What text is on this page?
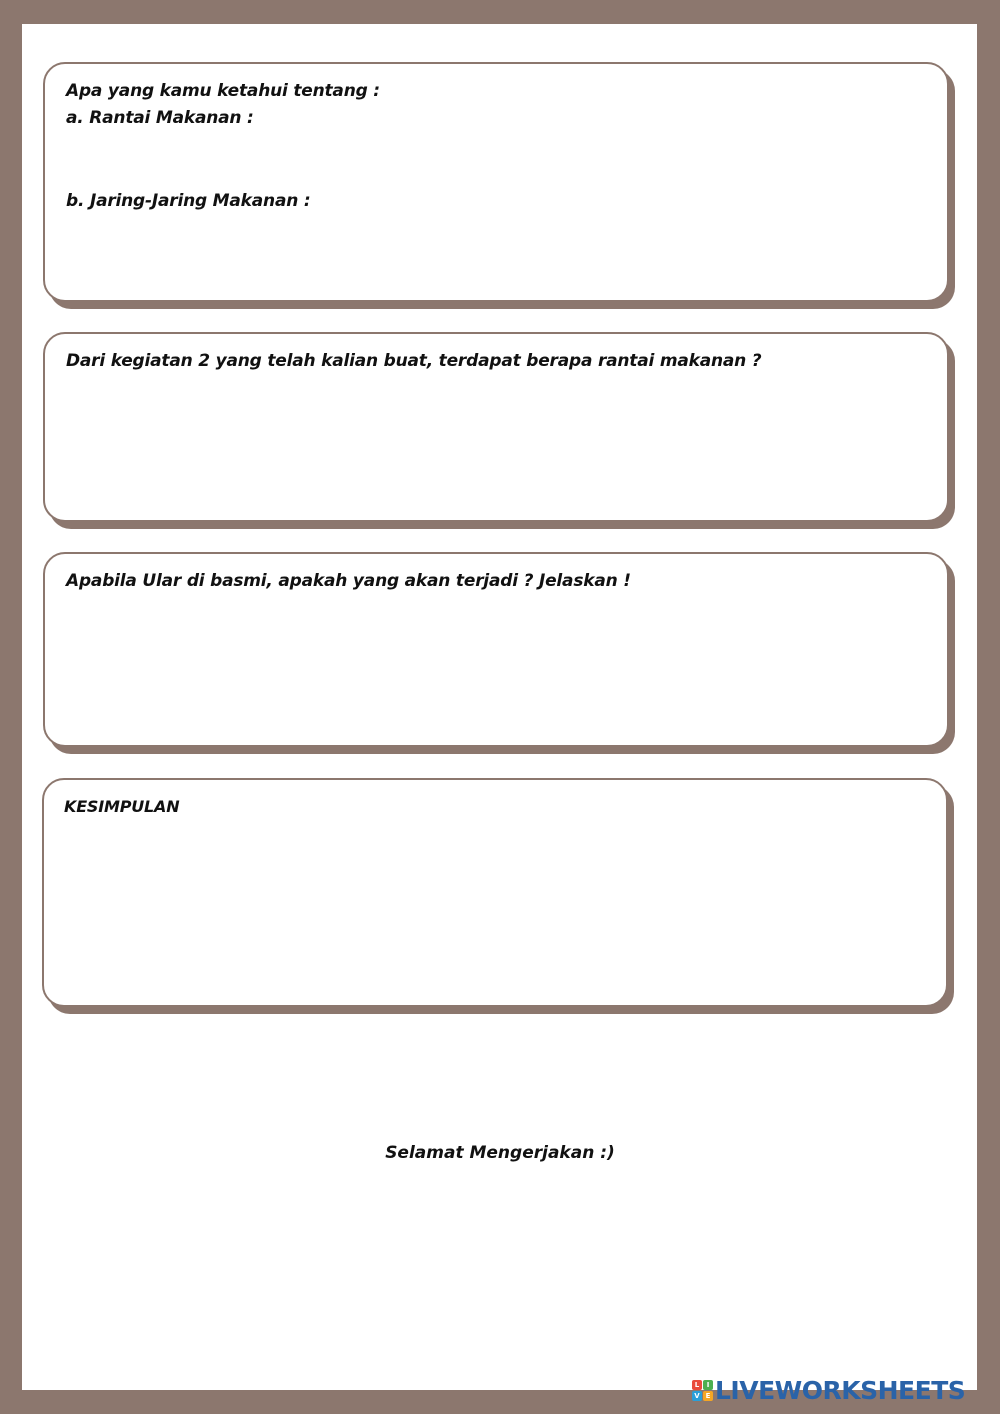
Apa yang kamu ketahui tentang :
a. Rantai Makanan :
b. Jaring-Jaring Makanan :
Dari kegiatan 2 yang telah kalian buat, terdapat berapa rantai makanan ?
Apabila Ular di basmi, apakah yang akan terjadi ? Jelaskan !
KESIMPULAN
Selamat Mengerjakan :)
L	I
V E LIVEWORKSHEETS
